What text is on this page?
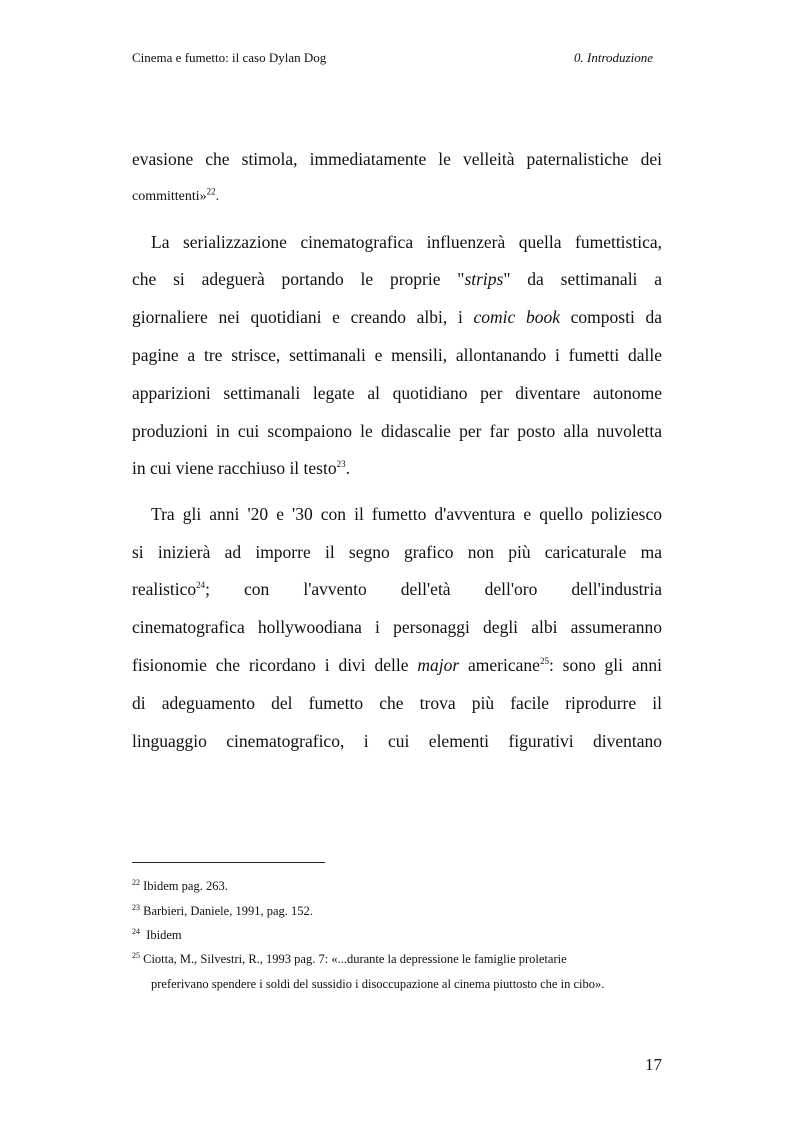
Cinema e fumetto: il caso Dylan Dog	0. Introduzione
evasione che stimola, immediatamente le velleità paternalistiche dei
committenti»$^{22}$.
La serializzazione cinematografica influenzerà quella fumettistica,
che si adeguerà portando le proprie "strips" da settimanali a
giornaliere nei quotidiani e creando albi, i comic book composti da
pagine a tre strisce, settimanali e mensili, allontanando i fumetti dalle
apparizioni settimanali legate al quotidiano per diventare autonome
produzioni in cui scompaiono le didascalie per far posto alla nuvoletta
in cui viene racchiuso il testo$^{23}$.
Tra gli anni '20 e '30 con il fumetto d'avventura e quello poliziesco
si inizierà ad imporre il segno grafico non più caricaturale ma
realistico$^{24}$; con l'avvento dell'età dell'oro dell'industria
cinematografica hollywoodiana i personaggi degli albi assumeranno
fisionomie che ricordano i divi delle major americane$^{25}$: sono gli anni
di adeguamento del fumetto che trova più facile riprodurre il
linguaggio cinematografico, i cui elementi figurativi diventano
$^{22}$ Ibidem pag. 263.
$^{23}$ Barbieri, Daniele, 1991, pag. 152.
$^{24}$  Ibidem
$^{25}$ Ciotta, M., Silvestri, R., 1993 pag. 7: «...durante la depressione le famiglie proletarie
preferivano spendere i soldi del sussidio i disoccupazione al cinema piuttosto che in cibo».
17
